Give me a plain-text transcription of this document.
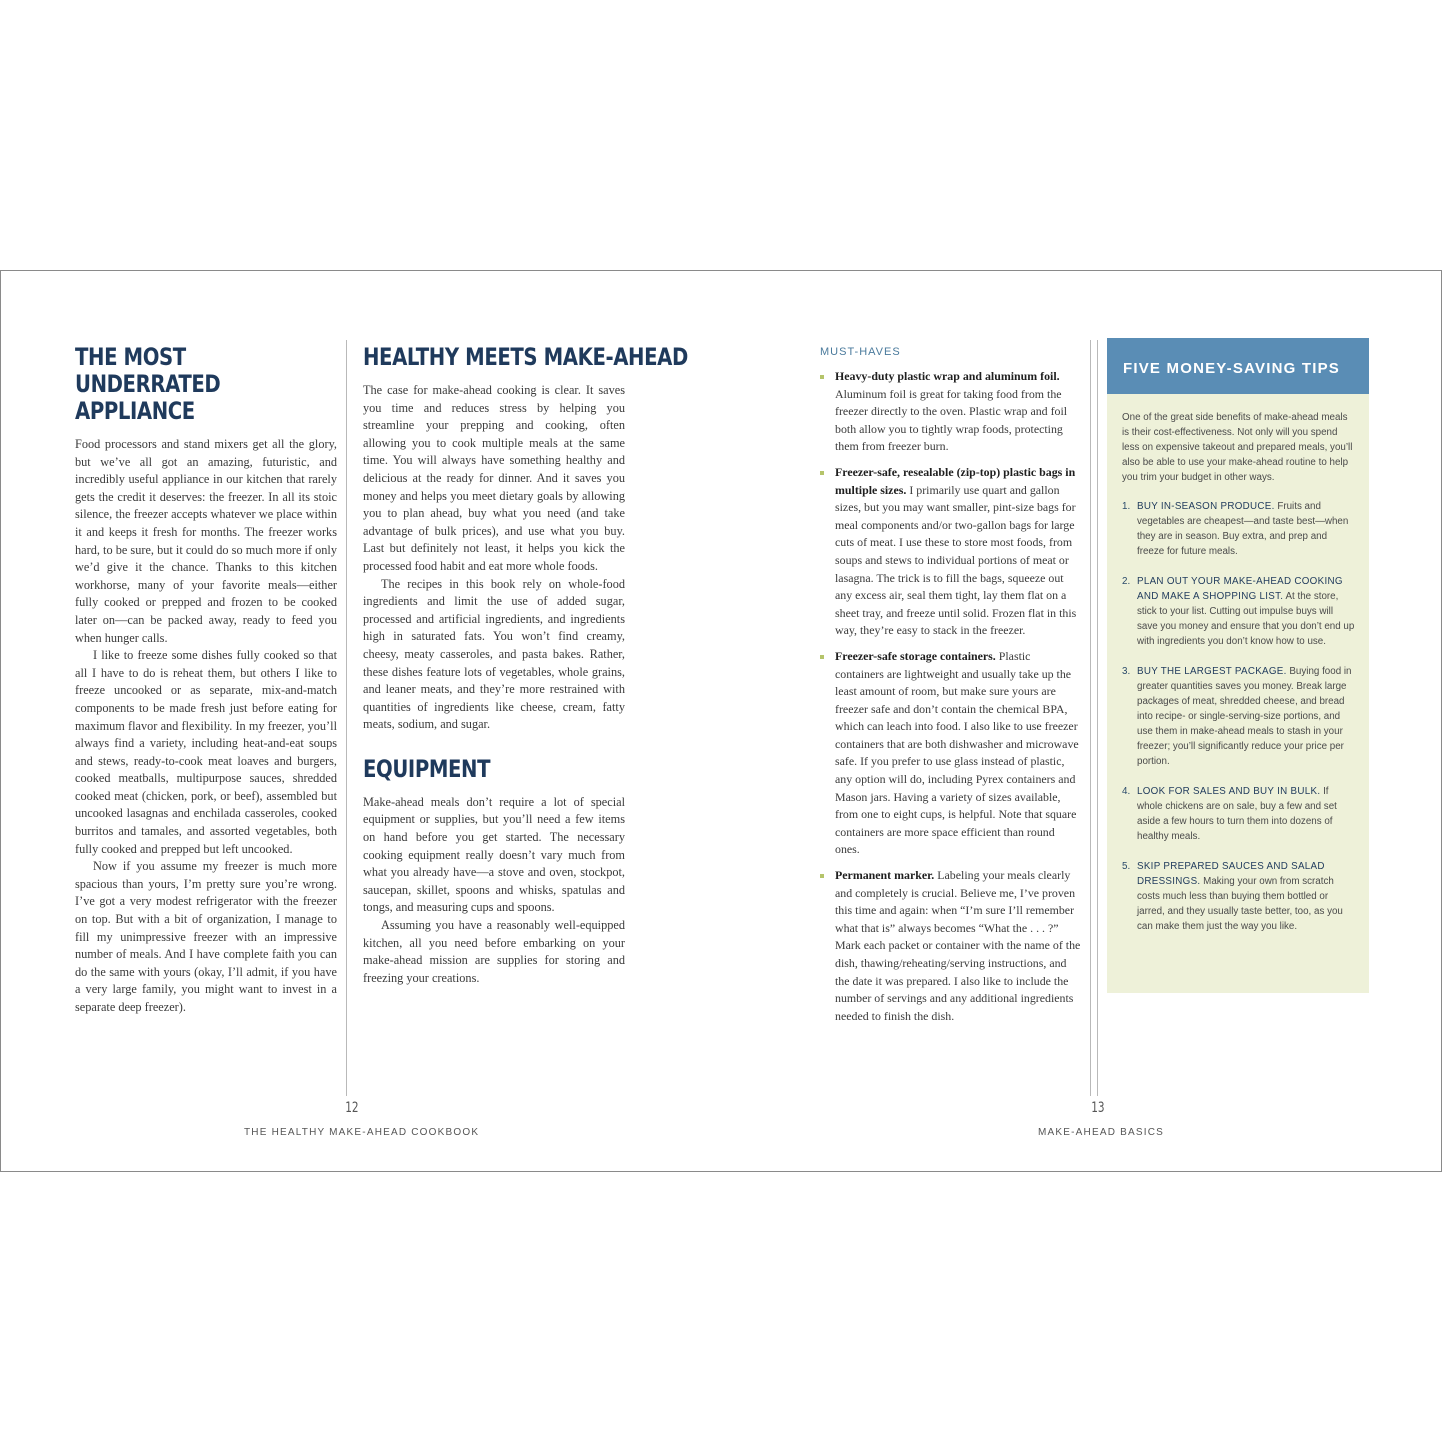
THE MOST UNDERRATED APPLIANCE

Food processors and stand mixers get all the glory, but we’ve all got an amazing, futuristic, and incredibly useful appliance in our kitchen that rarely gets the credit it deserves: the freezer. In all its stoic silence, the freezer accepts whatever we place within it and keeps it fresh for months. The freezer works hard, to be sure, but it could do so much more if only we’d give it the chance. Thanks to this kitchen workhorse, many of your favorite meals—either fully cooked or prepped and frozen to be cooked later on—can be packed away, ready to feed you when hunger calls.

I like to freeze some dishes fully cooked so that all I have to do is reheat them, but others I like to freeze uncooked or as separate, mix-and-match components to be made fresh just before eating for maximum flavor and flexibility. In my freezer, you’ll always find a variety, including heat-and-eat soups and stews, ready-to-cook meat loaves and burgers, cooked meatballs, multipurpose sauces, shredded cooked meat (chicken, pork, or beef), assembled but uncooked lasagnas and enchilada casseroles, cooked burritos and tamales, and assorted vegetables, both fully cooked and prepped but left uncooked.

Now if you assume my freezer is much more spacious than yours, I’m pretty sure you’re wrong. I’ve got a very modest refrigerator with the freezer on top. But with a bit of organization, I manage to fill my unimpressive freezer with an impressive number of meals. And I have complete faith you can do the same with yours (okay, I’ll admit, if you have a very large family, you might want to invest in a separate deep freezer).

HEALTHY MEETS MAKE-AHEAD

The case for make-ahead cooking is clear. It saves you time and reduces stress by helping you streamline your prepping and cooking, often allowing you to cook multiple meals at the same time. You will always have something healthy and delicious at the ready for dinner. And it saves you money and helps you meet dietary goals by allowing you to plan ahead, buy what you need (and take advantage of bulk prices), and use what you buy. Last but definitely not least, it helps you kick the processed food habit and eat more whole foods.

The recipes in this book rely on whole-food ingredients and limit the use of added sugar, processed and artificial ingredients, and ingredients high in saturated fats. You won’t find creamy, cheesy, meaty casseroles, and pasta bakes. Rather, these dishes feature lots of vegetables, whole grains, and leaner meats, and they’re more restrained with quantities of ingredients like cheese, cream, fatty meats, sodium, and sugar.

EQUIPMENT

Make-ahead meals don’t require a lot of special equipment or supplies, but you’ll need a few items on hand before you get started. The necessary cooking equipment really doesn’t vary much from what you already have—a stove and oven, stockpot, saucepan, skillet, spoons and whisks, spatulas and tongs, and measuring cups and spoons.

Assuming you have a reasonably well-equipped kitchen, all you need before embarking on your make-ahead mission are supplies for storing and freezing your creations.

12
THE HEALTHY MAKE-AHEAD COOKBOOK
MUST-HAVES
Heavy-duty plastic wrap and aluminum foil. Aluminum foil is great for taking food from the freezer directly to the oven. Plastic wrap and foil both allow you to tightly wrap foods, protecting them from freezer burn.
Freezer-safe, resealable (zip-top) plastic bags in multiple sizes. I primarily use quart and gallon sizes, but you may want smaller, pint-size bags for meal components and/or two-gallon bags for large cuts of meat. I use these to store most foods, from soups and stews to individual portions of meat or lasagna. The trick is to fill the bags, squeeze out any excess air, seal them tight, lay them flat on a sheet tray, and freeze until solid. Frozen flat in this way, they’re easy to stack in the freezer.
Freezer-safe storage containers. Plastic containers are lightweight and usually take up the least amount of room, but make sure yours are freezer safe and don’t contain the chemical BPA, which can leach into food. I also like to use freezer containers that are both dishwasher and microwave safe. If you prefer to use glass instead of plastic, any option will do, including Pyrex containers and Mason jars. Having a variety of sizes available, from one to eight cups, is helpful. Note that square containers are more space efficient than round ones.
Permanent marker. Labeling your meals clearly and completely is crucial. Believe me, I’ve proven this time and again: when “I’m sure I’ll remember what that is” always becomes “What the . . . ?” Mark each packet or container with the name of the dish, thawing/reheating/serving instructions, and the date it was prepared. I also like to include the number of servings and any additional ingredients needed to finish the dish.
FIVE MONEY-SAVING TIPS

One of the great side benefits of make-ahead meals is their cost-effectiveness. Not only will you spend less on expensive takeout and prepared meals, you’ll also be able to use your make-ahead routine to help you trim your budget in other ways.

1. BUY IN-SEASON PRODUCE. Fruits and vegetables are cheapest—and taste best—when they are in season. Buy extra, and prep and freeze for future meals.
2. PLAN OUT YOUR MAKE-AHEAD COOKING AND MAKE A SHOPPING LIST. At the store, stick to your list. Cutting out impulse buys will save you money and ensure that you don’t end up with ingredients you don’t know how to use.
3. BUY THE LARGEST PACKAGE. Buying food in greater quantities saves you money. Break large packages of meat, shredded cheese, and bread into recipe- or single-serving-size portions, and use them in make-ahead meals to stash in your freezer; you’ll significantly reduce your price per portion.
4. LOOK FOR SALES AND BUY IN BULK. If whole chickens are on sale, buy a few and set aside a few hours to turn them into dozens of healthy meals.
5. SKIP PREPARED SAUCES AND SALAD DRESSINGS. Making your own from scratch costs much less than buying them bottled or jarred, and they usually taste better, too, as you can make them just the way you like.
13
MAKE-AHEAD BASICS
